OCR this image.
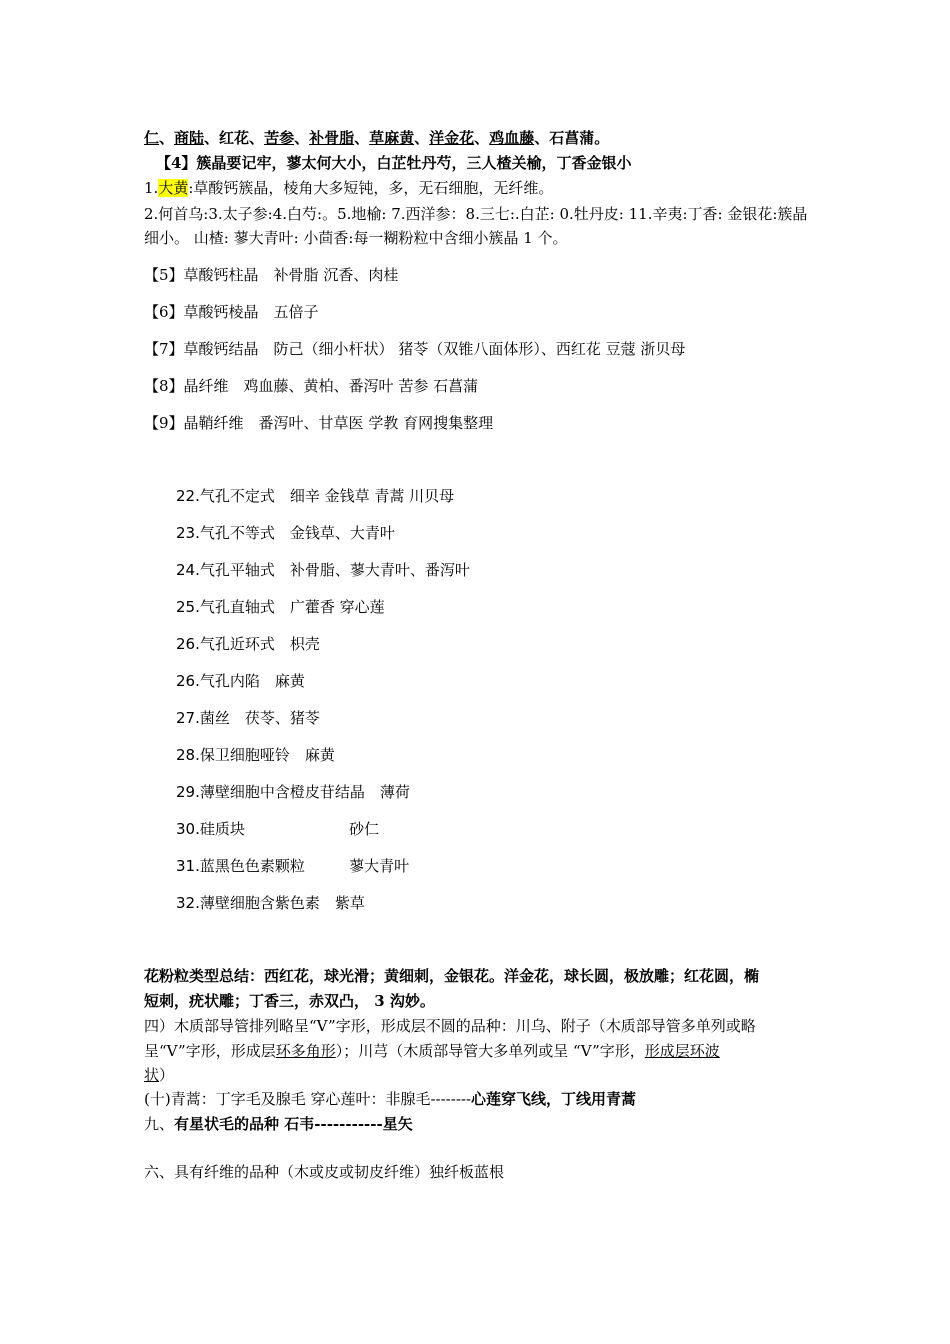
仁、商陆、红花、苦参、补骨脂、草麻黄、洋金花、鸡血藤、石菖蒲。
【4】簇晶要记牢，蓼太何大小，白芷牡丹芍，三人楂关榆，丁香金银小
1.大黄:草酸钙簇晶，棱角大多短钝，多，无石细胞，无纤维。
2.何首乌:3.太子参:4.白芍:。5.地榆: 7.西洋参：8.三七:.白芷: 0.牡丹皮: 11.辛夷:丁香: 金银花:簇晶
细小。 山楂: 蓼大青叶: 小茴香:每一糊粉粒中含细小簇晶 1 个。
【5】草酸钙柱晶  补骨脂 沉香、肉桂
【6】草酸钙棱晶  五倍子
【7】草酸钙结晶  防己（细小杆状） 猪苓（双锥八面体形）、西红花 豆蔻 浙贝母
【8】晶纤维  鸡血藤、黄柏、番泻叶 苦参 石菖蒲
【9】晶鞘纤维  番泻叶、甘草医 学教 育网搜集整理
22.气孔不定式  细辛 金钱草 青蒿 川贝母
23.气孔不等式  金钱草、大青叶
24.气孔平轴式  补骨脂、蓼大青叶、番泻叶
25.气孔直轴式  广藿香 穿心莲
26.气孔近环式  枳壳
26.气孔内陷  麻黄
27.菌丝  茯苓、猪苓
28.保卫细胞哑铃  麻黄
29.薄壁细胞中含橙皮苷结晶  薄荷
30.硅质块	砂仁
31.蓝黑色色素颗粒	蓼大青叶
32.薄壁细胞含紫色素  紫草
花粉粒类型总结：西红花，球光滑；黄细刺，金银花。洋金花，球长圆，极放雕；红花圆，椭
短刺，疣状雕；丁香三，赤双凸， 3 沟妙。
四）木质部导管排列略呈“V”字形，形成层不圆的品种：川乌、附子（木质部导管多单列或略
呈“V”字形，形成层环多角形）；川芎（木质部导管大多单列或呈 “V”字形，形成层环波
状）
(十)青蒿：丁字毛及腺毛 穿心莲叶：非腺毛--------心莲穿飞线，丁线用青蒿
九、有星状毛的品种 石韦-----------星矢
六、具有纤维的品种（木或皮或韧皮纤维）独纤板蓝根
